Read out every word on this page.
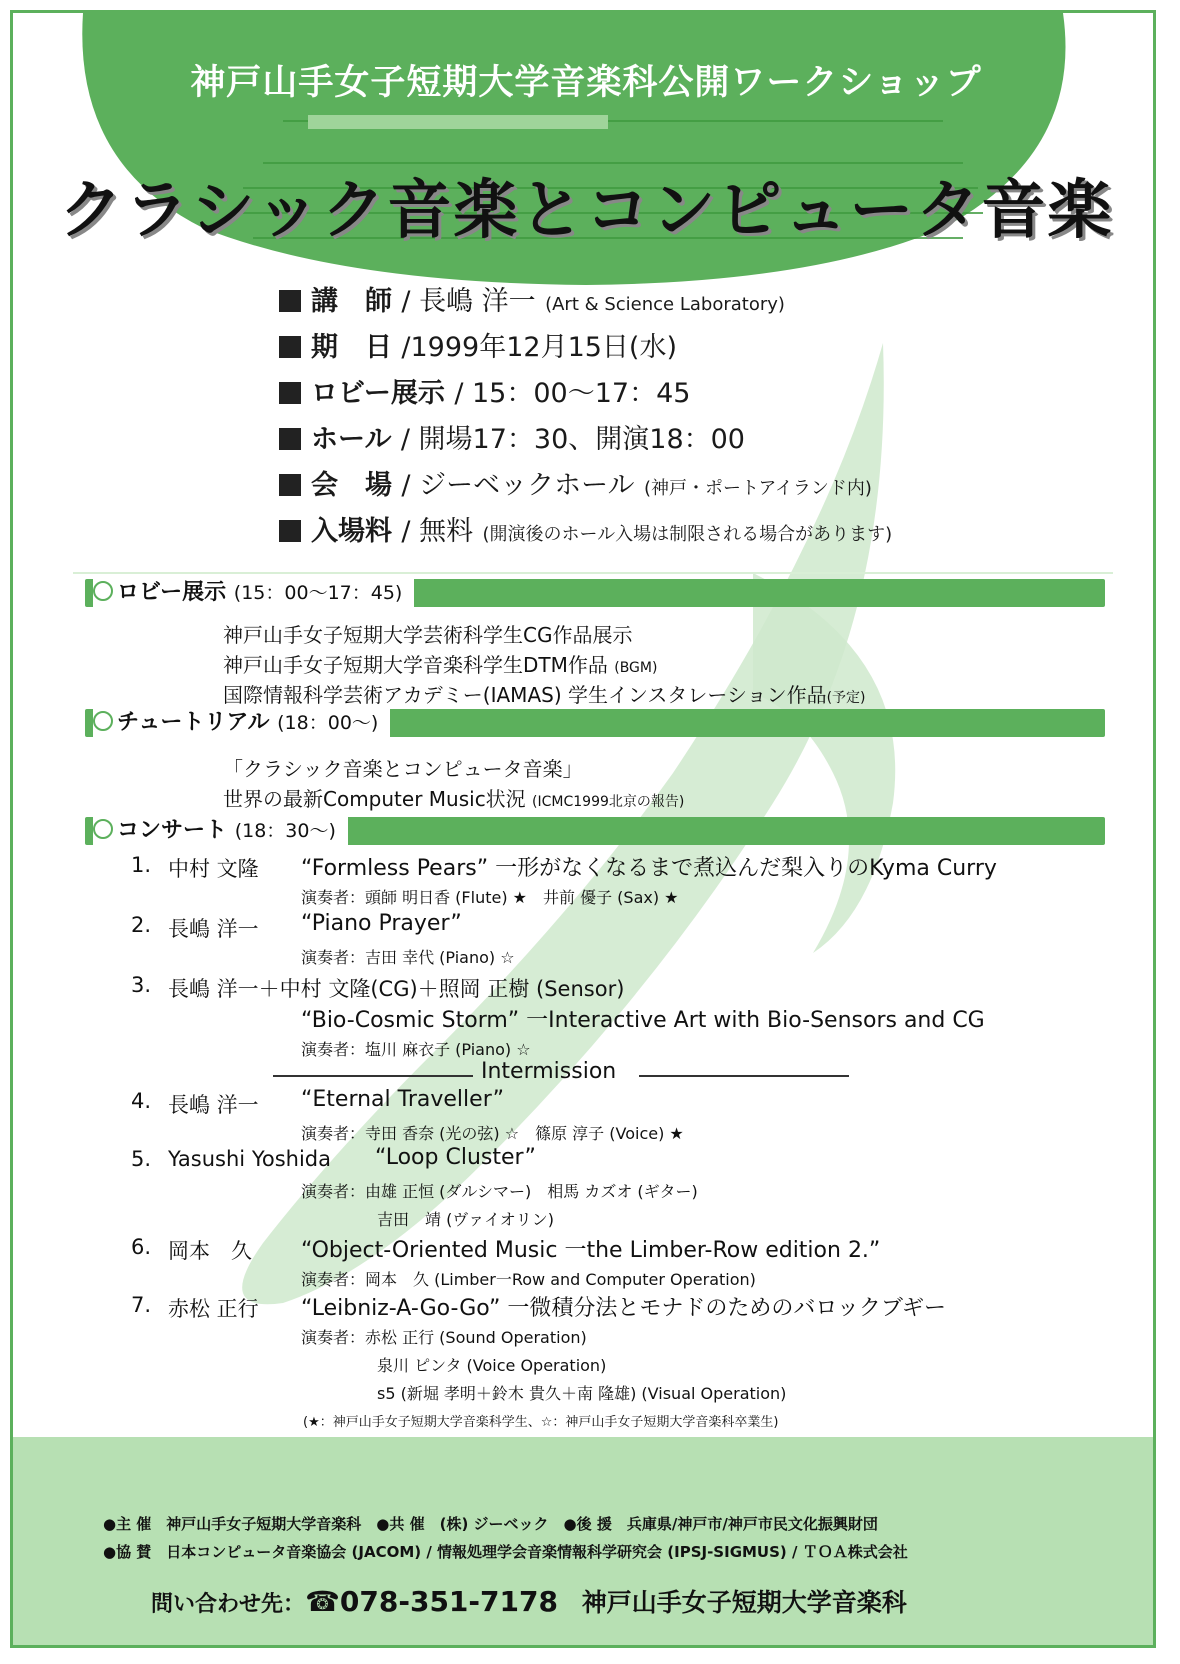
神戸山手女子短期大学音楽科公開ワークショップ
クラシック音楽とコンピュータ音楽
講　師 / 長嶋 洋一 (Art & Science Laboratory)
期　日 /1999年12月15日(水)
ロビー展示 / 15：00～17：45
ホール / 開場17：30、開演18：00
会　場 / ジーベックホール (神戸・ポートアイランド内)
入場料 / 無料 (開演後のホール入場は制限される場合があります)
ロビー展示 (15：00～17：45)
神戸山手女子短期大学芸術科学生CG作品展示
神戸山手女子短期大学音楽科学生DTM作品 (BGM)
国際情報科学芸術アカデミー(IAMAS) 学生インスタレーション作品(予定)
チュートリアル (18：00～)
「クラシック音楽とコンピュータ音楽」
世界の最新Computer Music状況 (ICMC1999北京の報告)
コンサート (18：30～)
1. 中村 文隆 “Formless Pears” 一形がなくなるまで煮込んだ梨入りのKyma Curry
演奏者：頭師 明日香 (Flute) ★　井前 優子 (Sax) ★
2. 長嶋 洋一 “Piano Prayer”
演奏者：吉田 幸代 (Piano) ☆
3. 長嶋 洋一＋中村 文隆(CG)＋照岡 正樹 (Sensor)
“Bio-Cosmic Storm” 一Interactive Art with Bio-Sensors and CG
演奏者：塩川 麻衣子 (Piano) ☆
Intermission
4. 長嶋 洋一 “Eternal Traveller”
演奏者：寺田 香奈 (光の弦) ☆　篠原 淳子 (Voice) ★
5. Yasushi Yoshida “Loop Cluster”
演奏者：由雄 正恒 (ダルシマー)　相馬 カズオ (ギター)
吉田　靖 (ヴァイオリン)
6. 岡本　久 “Object-Oriented Music 一the Limber-Row edition 2.”
演奏者：岡本　久 (Limber一Row and Computer Operation)
7. 赤松 正行 “Leibniz-A-Go-Go” 一微積分法とモナドのためのバロックブギー
演奏者：赤松 正行 (Sound Operation)
泉川 ピンタ (Voice Operation)
s5 (新堀 孝明＋鈴木 貴久＋南 隆雄) (Visual Operation)
(★：神戸山手女子短期大学音楽科学生、☆：神戸山手女子短期大学音楽科卒業生)
●主 催　神戸山手女子短期大学音楽科　●共 催　(株) ジーベック　●後 援　兵庫県/神戸市/神戸市民文化振興財団
●協 賛　日本コンピュータ音楽協会 (JACOM) / 情報処理学会音楽情報科学研究会 (IPSJ-SIGMUS) / ＴＯＡ株式会社
問い合わせ先：☎078-351-7178 神戸山手女子短期大学音楽科
